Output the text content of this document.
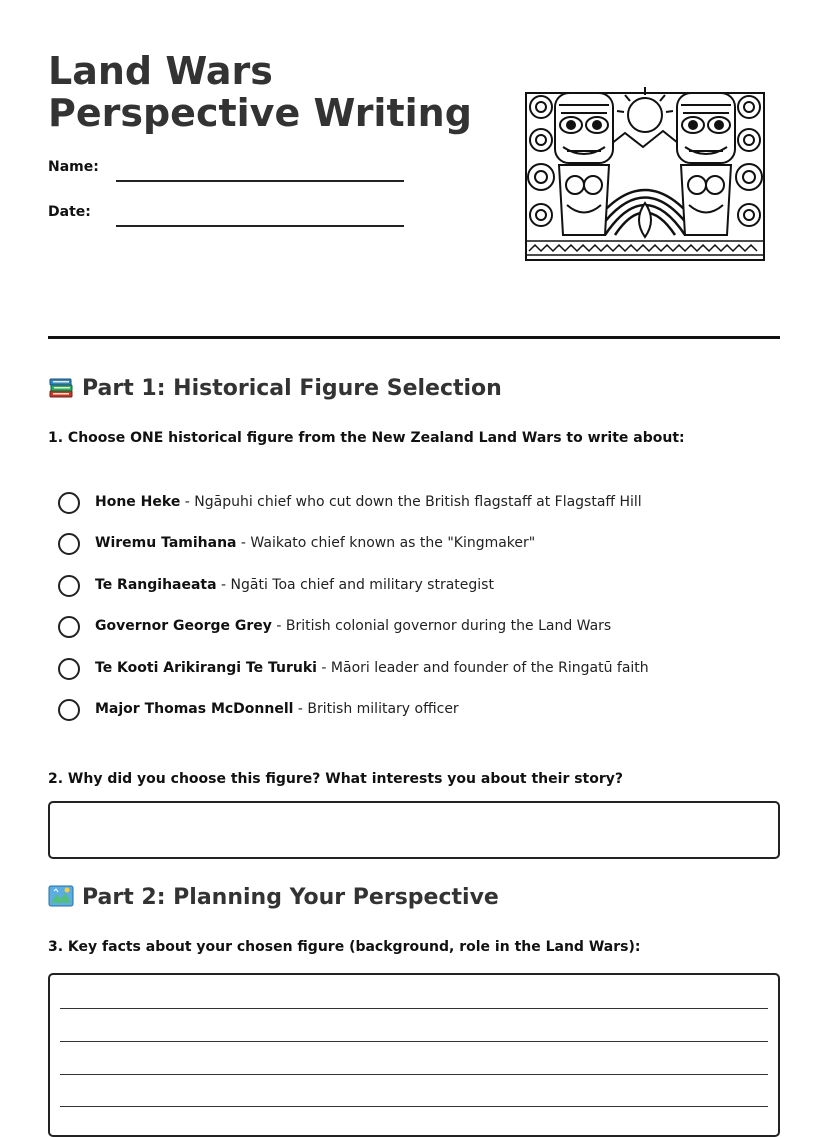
Land Wars Perspective Writing
Name:
Date:
Part 1: Historical Figure Selection
1. Choose ONE historical figure from the New Zealand Land Wars to write about:
Hone Heke - Ngāpuhi chief who cut down the British flagstaff at Flagstaff Hill
Wiremu Tamihana - Waikato chief known as the "Kingmaker"
Te Rangihaeata - Ngāti Toa chief and military strategist
Governor George Grey - British colonial governor during the Land Wars
Te Kooti Arikirangi Te Turuki - Māori leader and founder of the Ringatū faith
Major Thomas McDonnell - British military officer
2. Why did you choose this figure? What interests you about their story?
Part 2: Planning Your Perspective
3. Key facts about your chosen figure (background, role in the Land Wars):
